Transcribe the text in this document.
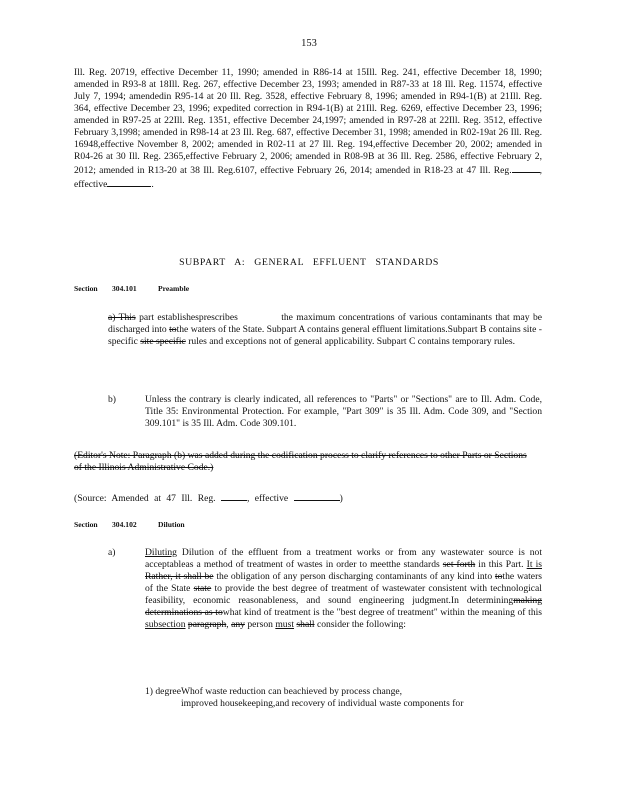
153
Ill. Reg. 20719, effective December 11, 1990; amended in R86-14 at 15Ill. Reg. 241, effective December 18, 1990; amended in R93-8 at 18Ill. Reg. 267, effective December 23, 1993; amended in R87-33 at 18 Ill. Reg. 11574, effective July 7, 1994; amendedin R95-14 at 20 Ill. Reg. 3528, effective February 8, 1996; amended in R94-1(B) at 21Ill. Reg. 364, effective December 23, 1996; expedited correction in R94-1(B) at 21Ill. Reg. 6269, effective December 23, 1996; amended in R97-25 at 22Ill. Reg. 1351, effective December 24,1997; amended in R97-28 at 22Ill. Reg. 3512, effective February 3,1998; amended in R98-14 at 23 Ill. Reg. 687, effective December 31, 1998; amended in R02-19at 26 Ill. Reg. 16948,effective November 8, 2002; amended in R02-11 at 27 Ill. Reg. 194,effective December 20, 2002; amended in R04-26 at 30 Ill. Reg. 2365,effective February 2, 2006; amended in R08-9B at 36 Ill. Reg. 2586, effective February 2, 2012; amended in R13-20 at 38 Ill. Reg.6107, effective February 26, 2014; amended in R18-23 at 47 Ill. Reg.	, effective	.
SUBPART A: GENERAL EFFLUENT STANDARDS
Section 304.101	Preamble
a) This part establishesprescribes	the maximum concentrations of various contaminants that may be discharged into tothe waters of the State. Subpart A contains general effluent limitations.Subpart B contains site -specific site specific rules and exceptions not of general applicability. Subpart C contains temporary rules.
b)	Unless the contrary is clearly indicated, all references to "Parts" or "Sections" are to Ill. Adm. Code, Title 35: Environmental Protection. For example, "Part 309" is 35 Ill. Adm. Code 309, and "Section 309.101" is 35 Ill. Adm. Code 309.101.
(Editor's Note: Paragraph (b) was added during the codification process to clarify references to other Parts or Sections of the Illinois Administrative Code.)
(Source: Amended at 47 Ill. Reg.	, effective	)
Section 304.102	Dilution
a)	Diluting Dilution of the effluent from a treatment works or from any wastewater source is not acceptableas a method of treatment of wastes in order to meetthe standards set forth in this Part. It is Rather, it shall be the obligation of any person discharging contaminants of any kind into tothe waters of the State state to provide the best degree of treatment of wastewater consistent with technological feasibility, economic reasonableness, and sound engineering judgment.In determiningmaking determinations as towhat kind of treatment is the "best degree of treatment" within the meaning of this subsection paragraph, any person must shall consider the following:
1) degreeWhof waste reduction can beachieved by process change,
improved housekeeping,and recovery of individual waste components for
